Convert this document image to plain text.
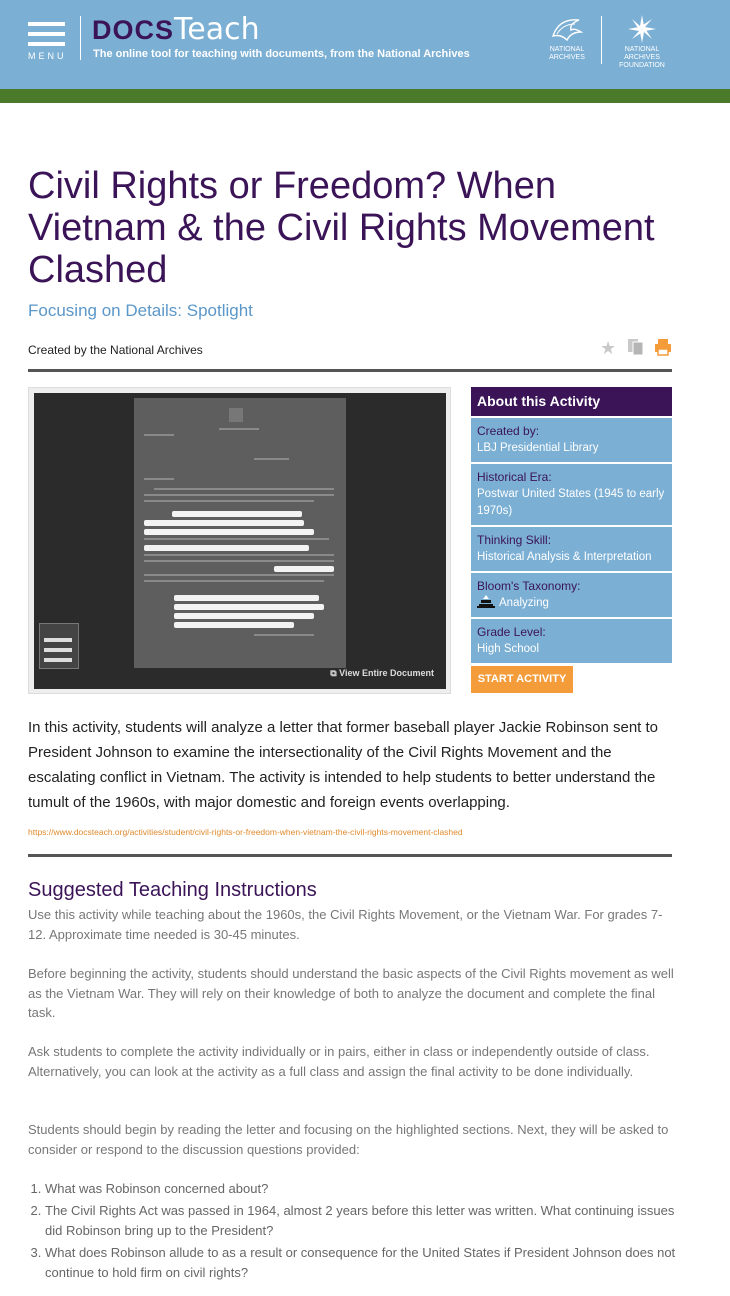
MENU
DOCSTeach
The online tool for teaching with documents, from the National Archives	NATIONAL ARCHIVES
NATIONAL ARCHIVES FOUNDATION
Civil Rights or Freedom? When Vietnam & the Civil Rights Movement Clashed
Focusing on Details: Spotlight
Created by the National Archives	★
⧉ View Entire Document
About this Activity
Created by:
LBJ Presidential Library
Historical Era:
Postwar United States (1945 to early 1970s)
Thinking Skill:
Historical Analysis & Interpretation
Bloom's Taxonomy:
Analyzing
Grade Level:
High School
START ACTIVITY
In this activity, students will analyze a letter that former baseball player Jackie Robinson sent to President Johnson to examine the intersectionality of the Civil Rights Movement and the escalating conflict in Vietnam. The activity is intended to help students to better understand the tumult of the 1960s, with major domestic and foreign events overlapping.
https://www.docsteach.org/activities/student/civil-rights-or-freedom-when-vietnam-the-civil-rights-movement-clashed
Suggested Teaching Instructions
Use this activity while teaching about the 1960s, the Civil Rights Movement, or the Vietnam War. For grades 7-12. Approximate time needed is 30-45 minutes.
Before beginning the activity, students should understand the basic aspects of the Civil Rights movement as well as the Vietnam War. They will rely on their knowledge of both to analyze the document and complete the final task.
Ask students to complete the activity individually or in pairs, either in class or independently outside of class. Alternatively, you can look at the activity as a full class and assign the final activity to be done individually.
Students should begin by reading the letter and focusing on the highlighted sections. Next, they will be asked to consider or respond to the discussion questions provided:
1. What was Robinson concerned about?
2. The Civil Rights Act was passed in 1964, almost 2 years before this letter was written. What continuing issues did Robinson bring up to the President?
3. What does Robinson allude to as a result or consequence for the United States if President Johnson does not continue to hold firm on civil rights?
